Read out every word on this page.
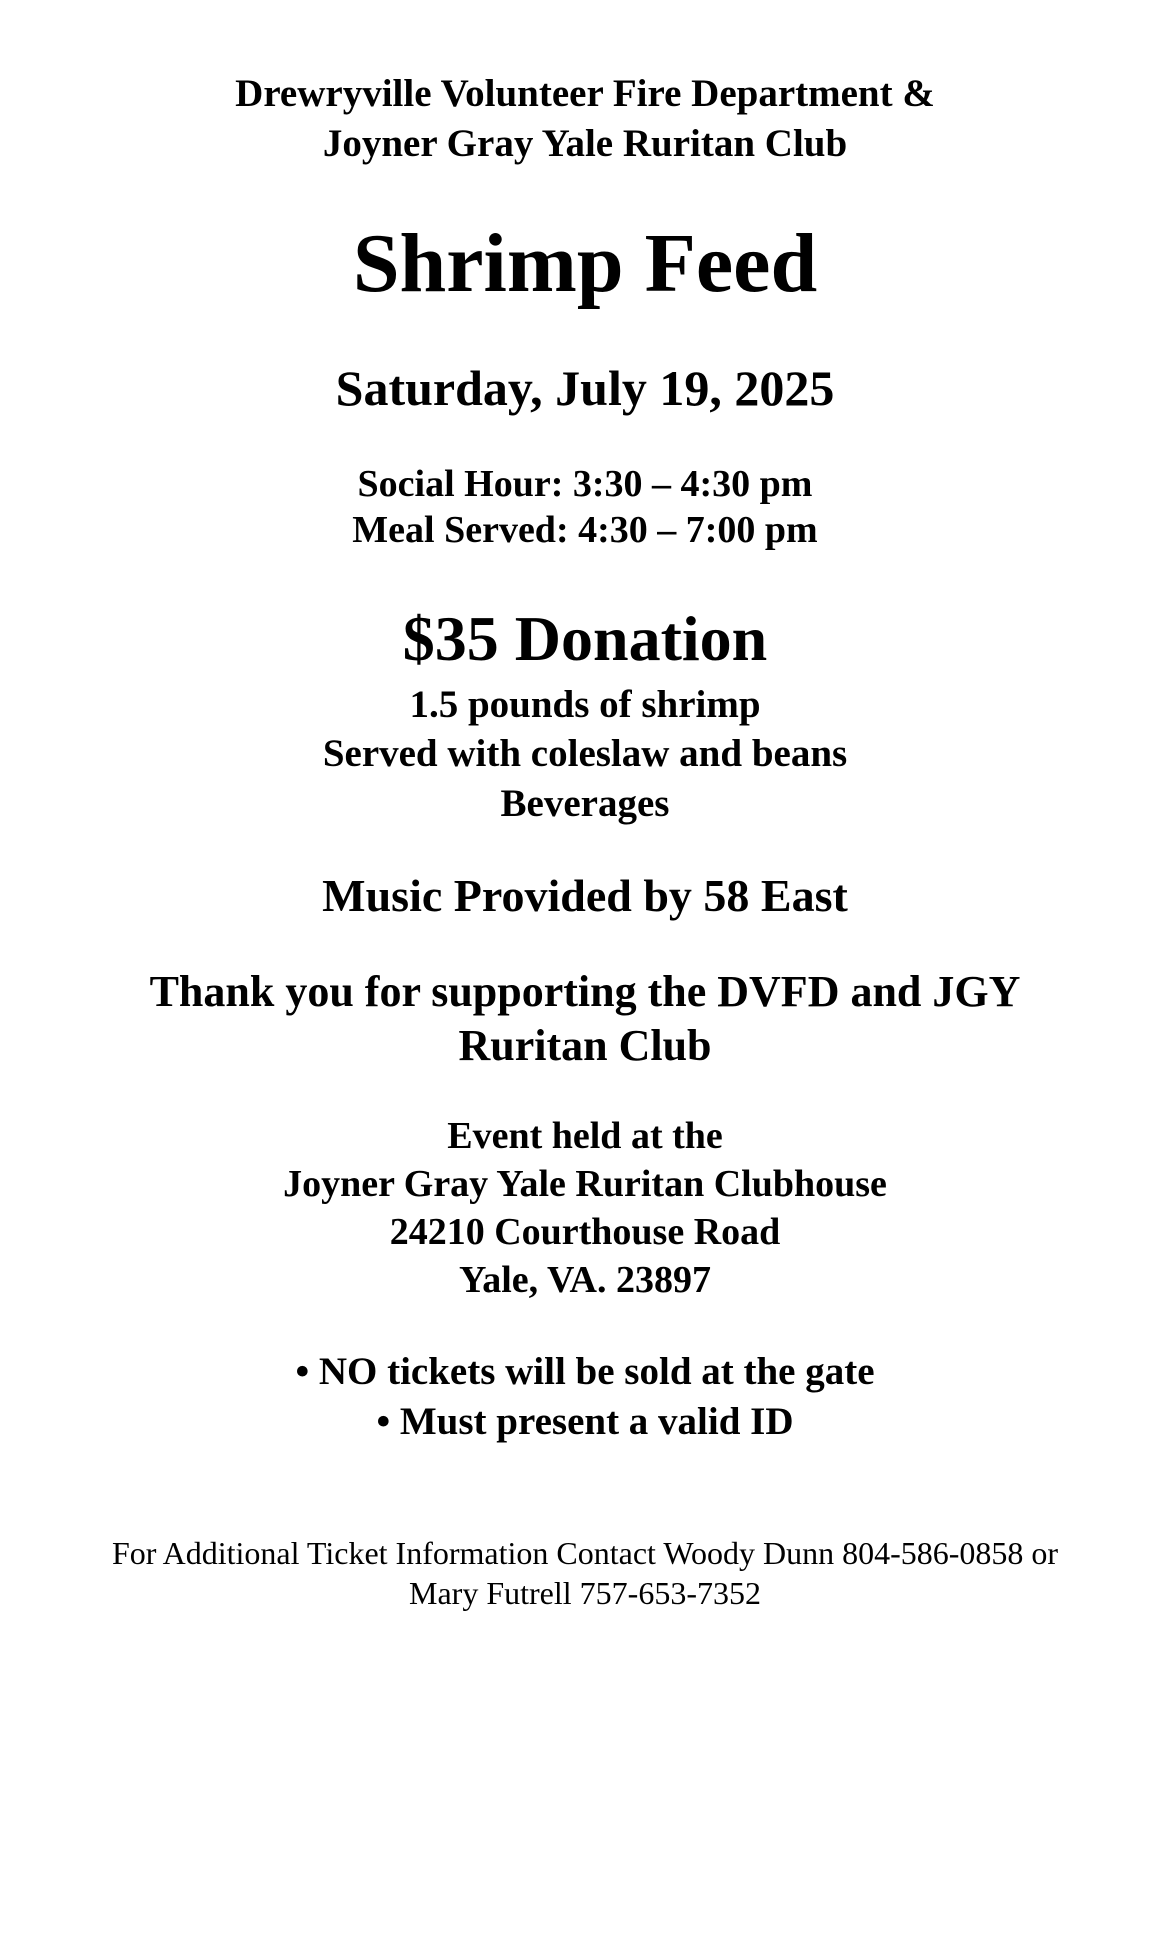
Drewryville Volunteer Fire Department &
Joyner Gray Yale Ruritan Club
Shrimp Feed
Saturday, July 19, 2025
Social Hour: 3:30 – 4:30 pm
Meal Served: 4:30 – 7:00 pm
$35 Donation
1.5 pounds of shrimp
Served with coleslaw and beans
Beverages
Music Provided by 58 East
Thank you for supporting the DVFD and JGY
Ruritan Club
Event held at the
Joyner Gray Yale Ruritan Clubhouse
24210 Courthouse Road
Yale, VA. 23897
• NO tickets will be sold at the gate
• Must present a valid ID
For Additional Ticket Information Contact Woody Dunn 804-586-0858 or
Mary Futrell 757-653-7352
